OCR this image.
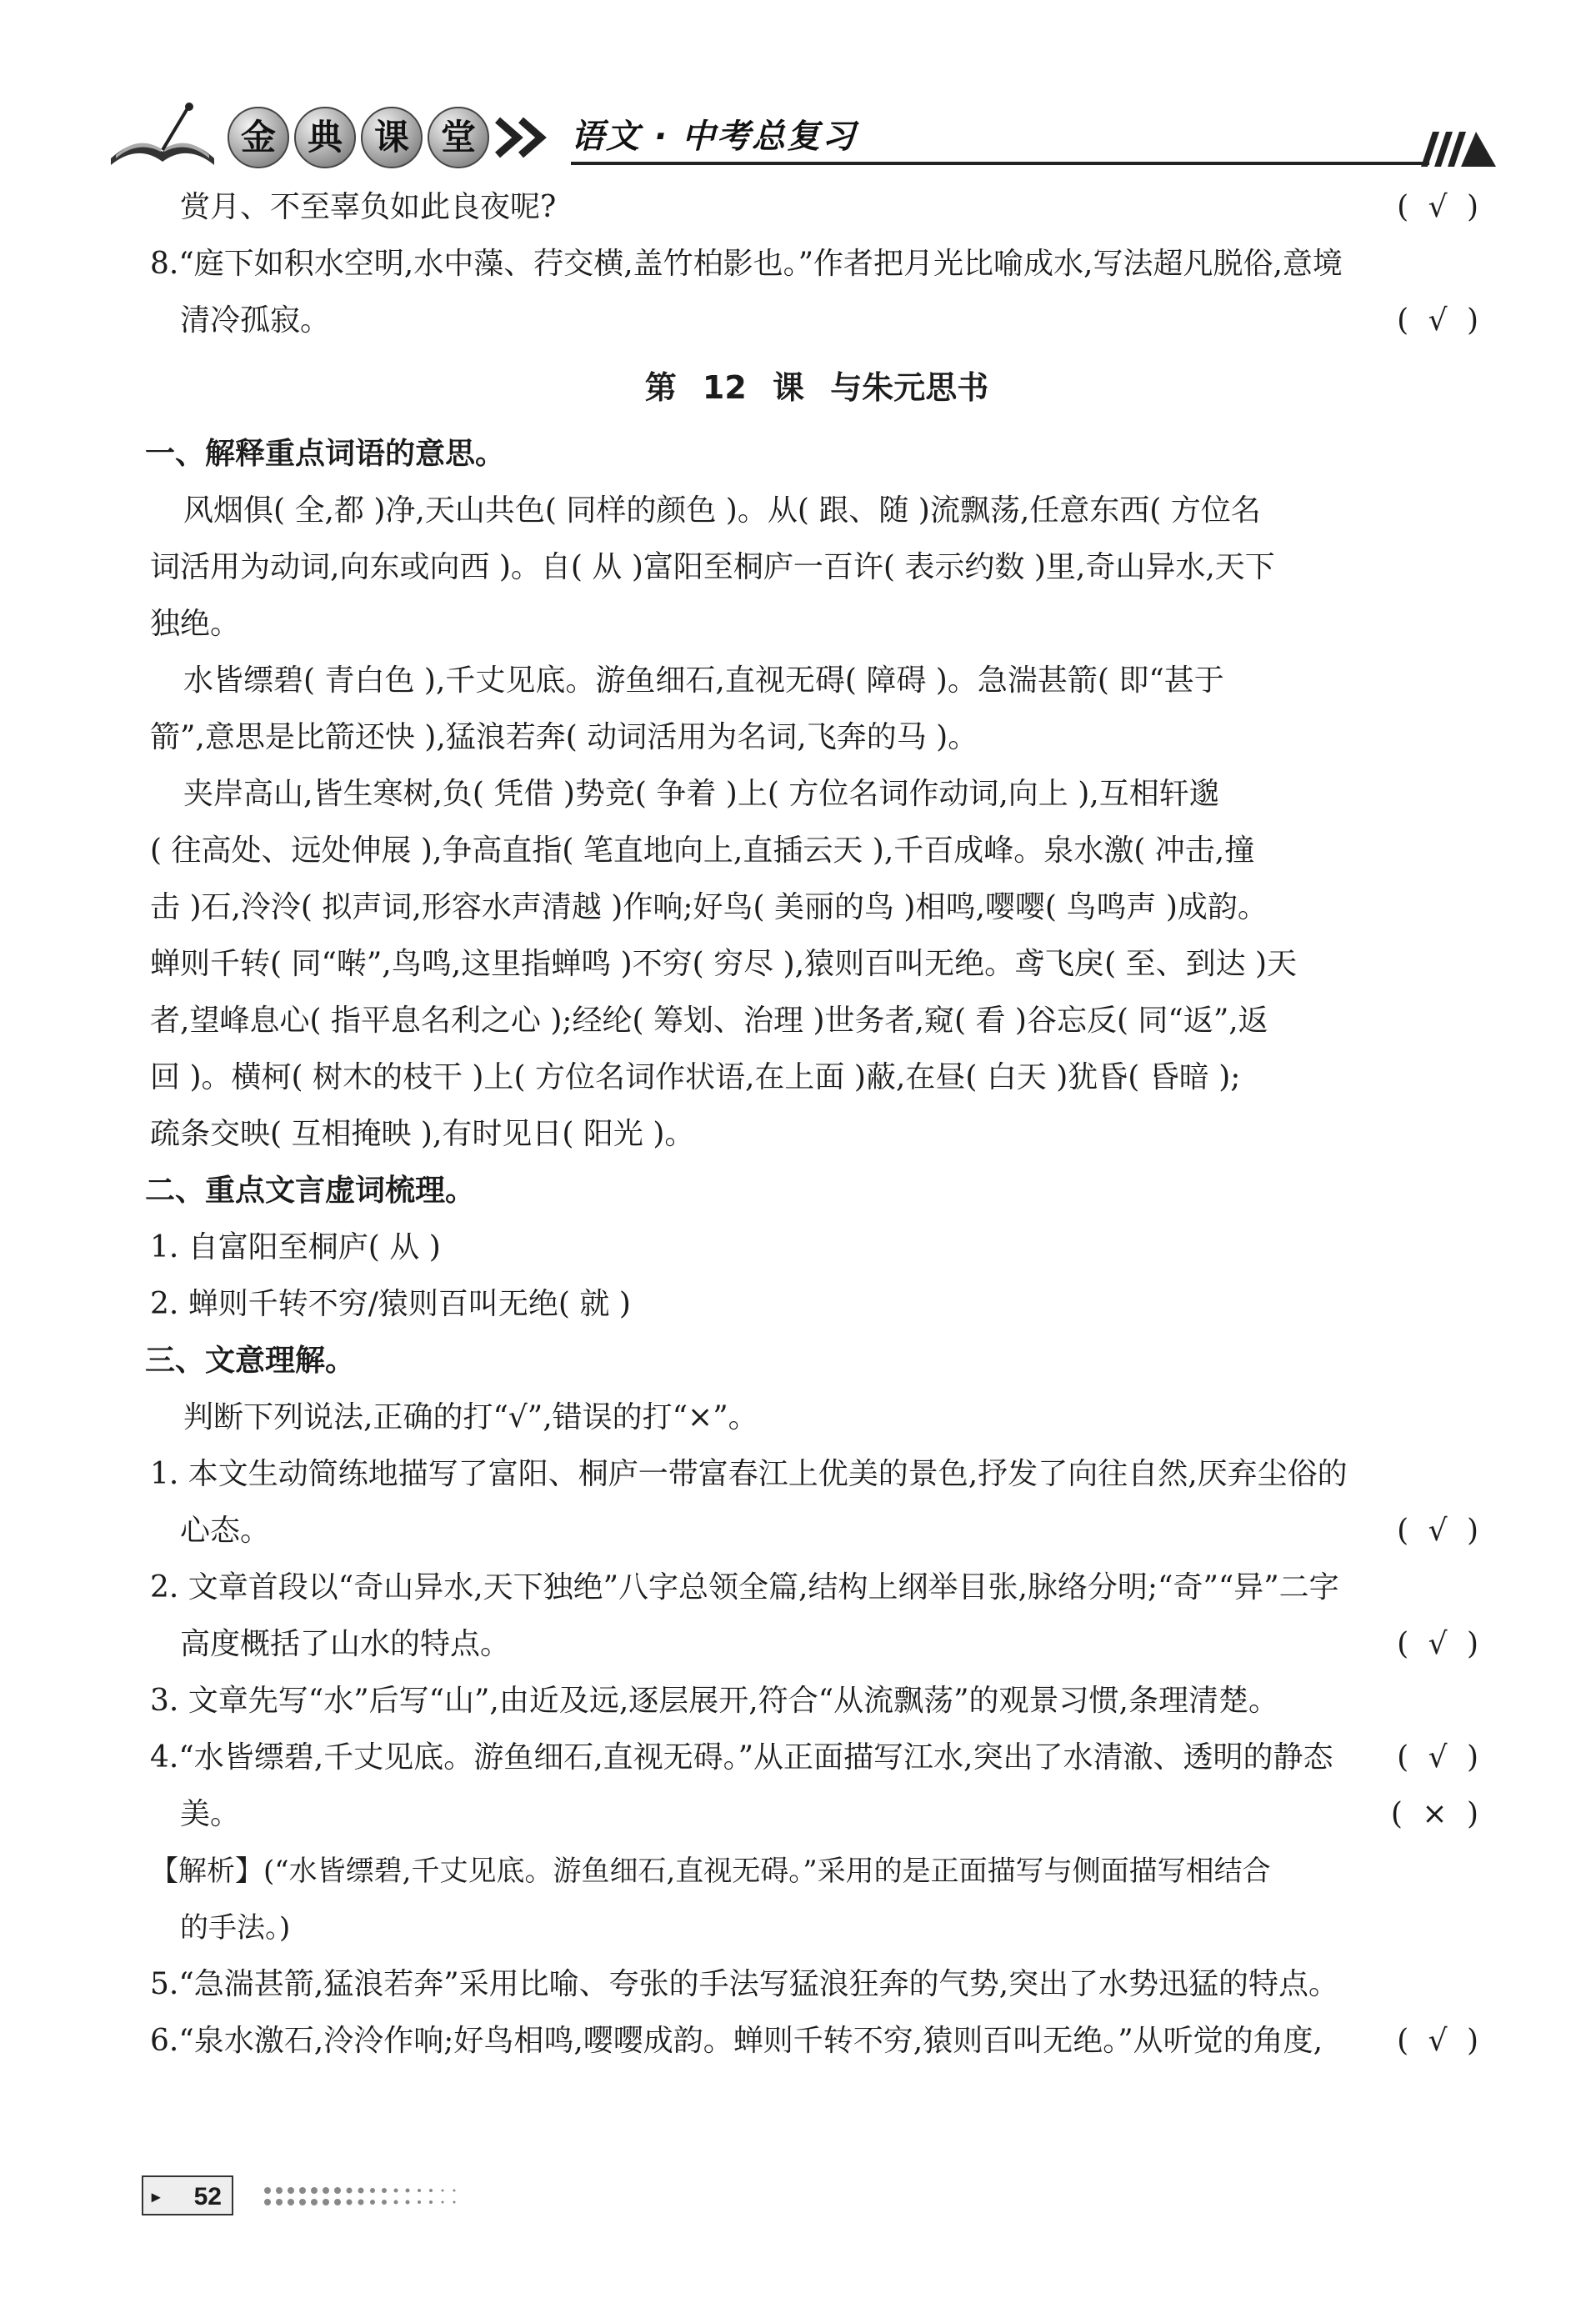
金 典 课 堂	语文 · 中考总复习
赏月、不至辜负如此良夜呢?	( √ )
8.“庭下如积水空明,水中藻、荇交横,盖竹柏影也。”作者把月光比喻成水,写法超凡脱俗,意境
清冷孤寂。	( √ )
第 12 课 与朱元思书
一、解释重点词语的意思。
风烟俱( 全,都 )净,天山共色( 同样的颜色 )。从( 跟、随 )流飘荡,任意东西( 方位名
词活用为动词,向东或向西 )。自( 从 )富阳至桐庐一百许( 表示约数 )里,奇山异水,天下
独绝。
水皆缥碧( 青白色 ),千丈见底。游鱼细石,直视无碍( 障碍 )。急湍甚箭( 即“甚于
箭”,意思是比箭还快 ),猛浪若奔( 动词活用为名词,飞奔的马 )。
夹岸高山,皆生寒树,负( 凭借 )势竞( 争着 )上( 方位名词作动词,向上 ),互相轩邈
( 往高处、远处伸展 ),争高直指( 笔直地向上,直插云天 ),千百成峰。泉水激( 冲击,撞
击 )石,泠泠( 拟声词,形容水声清越 )作响;好鸟( 美丽的鸟 )相鸣,嘤嘤( 鸟鸣声 )成韵。
蝉则千转( 同“啭”,鸟鸣,这里指蝉鸣 )不穷( 穷尽 ),猿则百叫无绝。鸢飞戾( 至、到达 )天
者,望峰息心( 指平息名利之心 );经纶( 筹划、治理 )世务者,窥( 看 )谷忘反( 同“返”,返
回 )。横柯( 树木的枝干 )上( 方位名词作状语,在上面 )蔽,在昼( 白天 )犹昏( 昏暗 );
疏条交映( 互相掩映 ),有时见日( 阳光 )。
二、重点文言虚词梳理。
1. 自富阳至桐庐( 从 )
2. 蝉则千转不穷/猿则百叫无绝( 就 )
三、文意理解。
判断下列说法,正确的打“√”,错误的打“×”。
1. 本文生动简练地描写了富阳、桐庐一带富春江上优美的景色,抒发了向往自然,厌弃尘俗的
心态。	( √ )
2. 文章首段以“奇山异水,天下独绝”八字总领全篇,结构上纲举目张,脉络分明;“奇”“异”二字
高度概括了山水的特点。	( √ )
3. 文章先写“水”后写“山”,由近及远,逐层展开,符合“从流飘荡”的观景习惯,条理清楚。
( √ )
4.“水皆缥碧,千丈见底。游鱼细石,直视无碍。”从正面描写江水,突出了水清澈、透明的静态
美。	( × )
【解析】(“水皆缥碧,千丈见底。游鱼细石,直视无碍。”采用的是正面描写与侧面描写相结合
的手法。)
5.“急湍甚箭,猛浪若奔”采用比喻、夸张的手法写猛浪狂奔的气势,突出了水势迅猛的特点。
( √ )
6.“泉水激石,泠泠作响;好鸟相鸣,嘤嘤成韵。蝉则千转不穷,猿则百叫无绝。”从听觉的角度,
▸ 52
